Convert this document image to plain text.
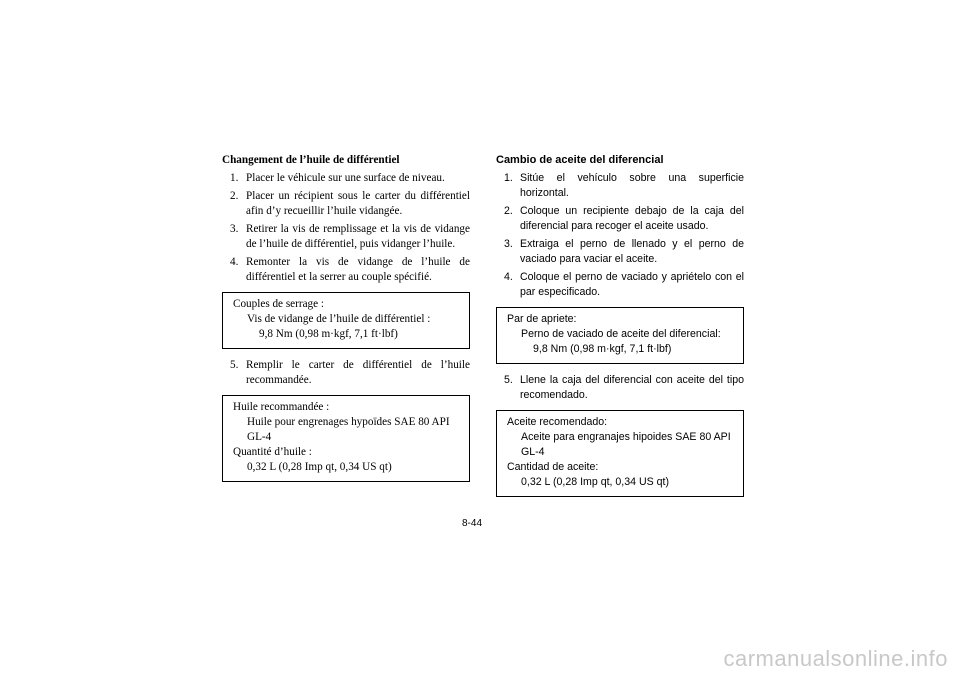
Changement de l’huile de différentiel
1. Placer le véhicule sur une surface de niveau.
2. Placer un récipient sous le carter du différentiel afin d’y recueillir l’huile vidangée.
3. Retirer la vis de remplissage et la vis de vidange de l’huile de différentiel, puis vidanger l’huile.
4. Remonter la vis de vidange de l’huile de différentiel et la serrer au couple spécifié.
Couples de serrage :
Vis de vidange de l’huile de différentiel :
9,8 Nm (0,98 m·kgf, 7,1 ft·lbf)
5. Remplir le carter de différentiel de l’huile recommandée.
Huile recommandée :
Huile pour engrenages hypoïdes SAE 80 API GL-4
Quantité d’huile :
0,32 L (0,28 Imp qt, 0,34 US qt)
Cambio de aceite del diferencial
1. Sitúe el vehículo sobre una superficie horizontal.
2. Coloque un recipiente debajo de la caja del diferencial para recoger el aceite usado.
3. Extraiga el perno de llenado y el perno de vaciado para vaciar el aceite.
4. Coloque el perno de vaciado y apriételo con el par especificado.
Par de apriete:
Perno de vaciado de aceite del diferencial:
9,8 Nm (0,98 m·kgf, 7,1 ft·lbf)
5. Llene la caja del diferencial con aceite del tipo recomendado.
Aceite recomendado:
Aceite para engranajes hipoides SAE 80 API GL-4
Cantidad de aceite:
0,32 L (0,28 Imp qt, 0,34 US qt)
8-44
carmanualsonline.info
